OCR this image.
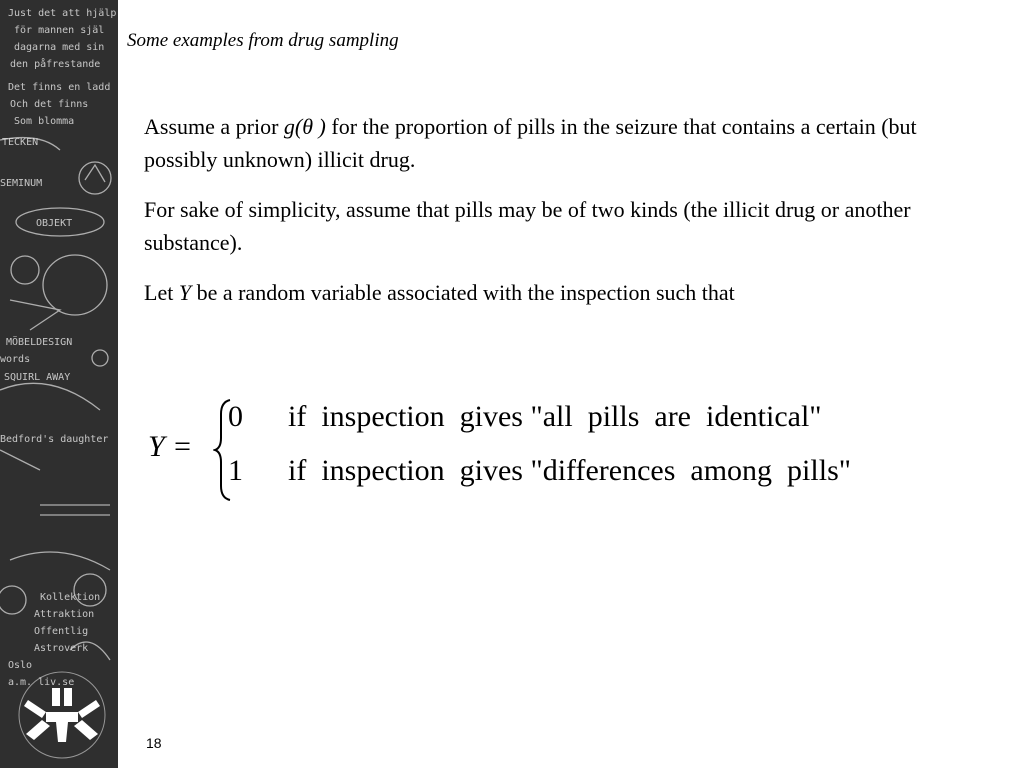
Just det att hjälp
för mannen själ
dagarna med sin
den påfrestande
Det finns en ladd
Och det finns
Som blomma
TECKEN
SEMINUM
OBJEKT
MÖBELDESIGN
words
SQUIRL AWAY
Bedford's daughter
Kollektion
Attraktion
Offentlig
Astroverk
Oslo
a.m. liv.se
Some examples from drug sampling

Assume a prior g(θ ) for the proportion of pills in the seizure that contains a certain (but possibly unknown) illicit drug.

For sake of simplicity, assume that pills may be of two kinds (the illicit drug or another substance).

Let Y be a random variable associated with the inspection such that

Y =
0 if  inspection  gives "all  pills  are  identical"
1 if  inspection  gives "differences  among  pills"
18
